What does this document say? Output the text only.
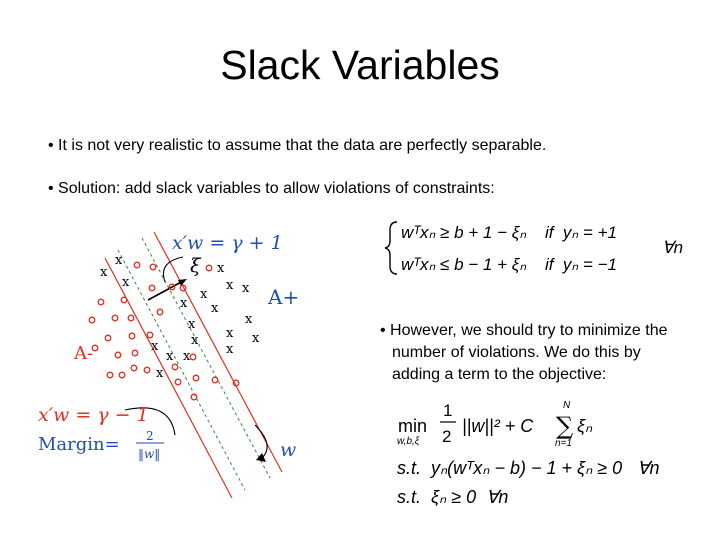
Slack Variables
• It is not very realistic to assume that the data are perfectly separable.
• Solution: add slack variables to allow violations of constraints:
• However, we should try to minimize the
number of violations. We do this by
adding a term to the objective:
x
x
x
x
x
x x
x x
x	x
x x
x
x
x
x x
x
x′w = γ + 1
ξ
A+
A-
x′w = γ − 1
Margin= 2
‖w‖	w
wᵀxₙ ≥ b + 1 − ξₙ    if  yₙ = +1
wᵀxₙ ≤ b − 1 + ξₙ    if  yₙ = −1
∀n
min
w,b,ξ
1
2
||w||² + C
N
∑
n=1
ξₙ
s.t.  yₙ(wᵀxₙ − b) − 1 + ξₙ ≥ 0   ∀n
s.t.  ξₙ ≥ 0  ∀n
